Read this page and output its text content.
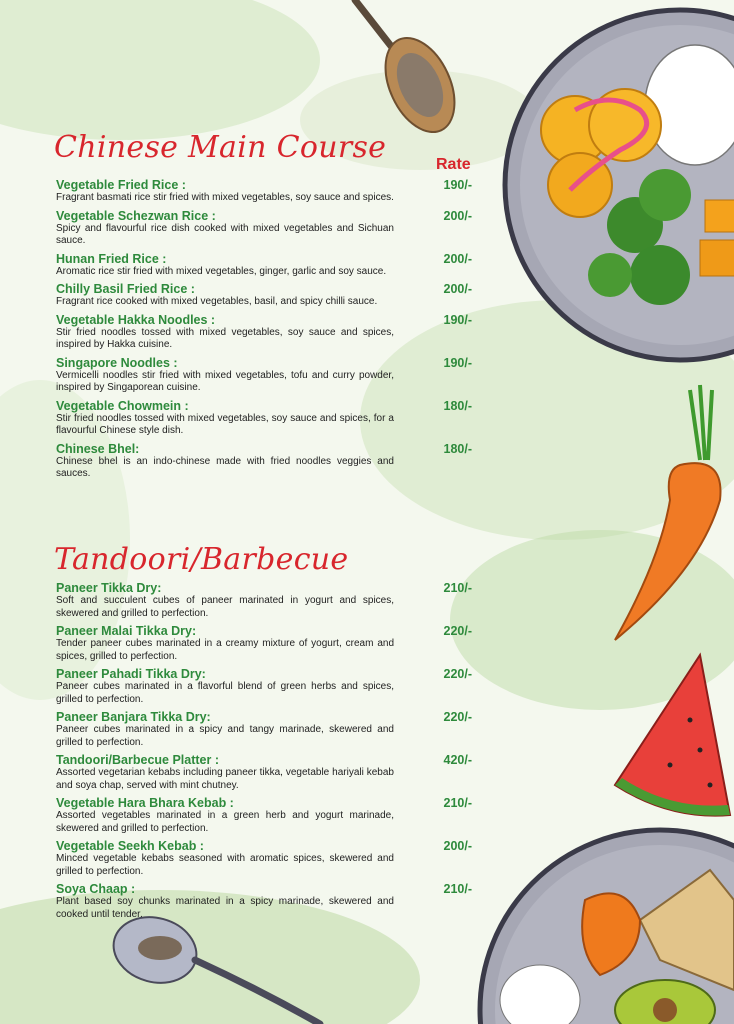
Chinese Main Course	Rate
Vegetable Fried Rice :
Fragrant basmati rice stir fried with mixed vegetables, soy sauce and spices.
190/-
Vegetable Schezwan Rice :
Spicy and flavourful rice dish cooked with mixed vegetables and Sichuan sauce.
200/-
Hunan Fried Rice :
Aromatic rice stir fried with mixed vegetables, ginger, garlic and soy sauce.
200/-
Chilly Basil Fried Rice :
Fragrant rice cooked with mixed vegetables, basil, and spicy chilli sauce.
200/-
Vegetable Hakka Noodles :
Stir fried noodles tossed with mixed vegetables, soy sauce and spices, inspired by Hakka cuisine.
190/-
Singapore Noodles :
Vermicelli noodles stir fried with mixed vegetables, tofu and curry powder, inspired by Singaporean cuisine.
190/-
Vegetable Chowmein :
Stir fried noodles tossed with mixed vegetables, soy sauce and spices, for a flavourful Chinese style dish.
180/-
Chinese Bhel:
Chinese bhel is an indo-chinese made with fried noodles veggies and sauces.
180/-
Tandoori/Barbecue
Paneer Tikka Dry:
Soft and succulent cubes of paneer marinated in yogurt and spices, skewered and grilled to perfection.
210/-
Paneer Malai Tikka Dry:
Tender paneer cubes marinated in a creamy mixture of yogurt, cream and spices, grilled to perfection.
220/-
Paneer Pahadi Tikka Dry:
Paneer cubes marinated in a flavorful blend of green herbs and spices, grilled to perfection.
220/-
Paneer Banjara Tikka Dry:
Paneer cubes marinated in a spicy and tangy marinade, skewered and grilled to perfection.
220/-
Tandoori/Barbecue Platter :
Assorted vegetarian kebabs including paneer tikka, vegetable hariyali kebab and soya chap, served with mint chutney.
420/-
Vegetable Hara Bhara Kebab :
Assorted vegetables marinated in a green herb and yogurt marinade, skewered and grilled to perfection.
210/-
Vegetable Seekh Kebab :
Minced vegetable kebabs seasoned with aromatic spices, skewered and grilled to perfection.
200/-
Soya Chaap :
Plant based soy chunks marinated in a spicy marinade, skewered and cooked until tender.
210/-
